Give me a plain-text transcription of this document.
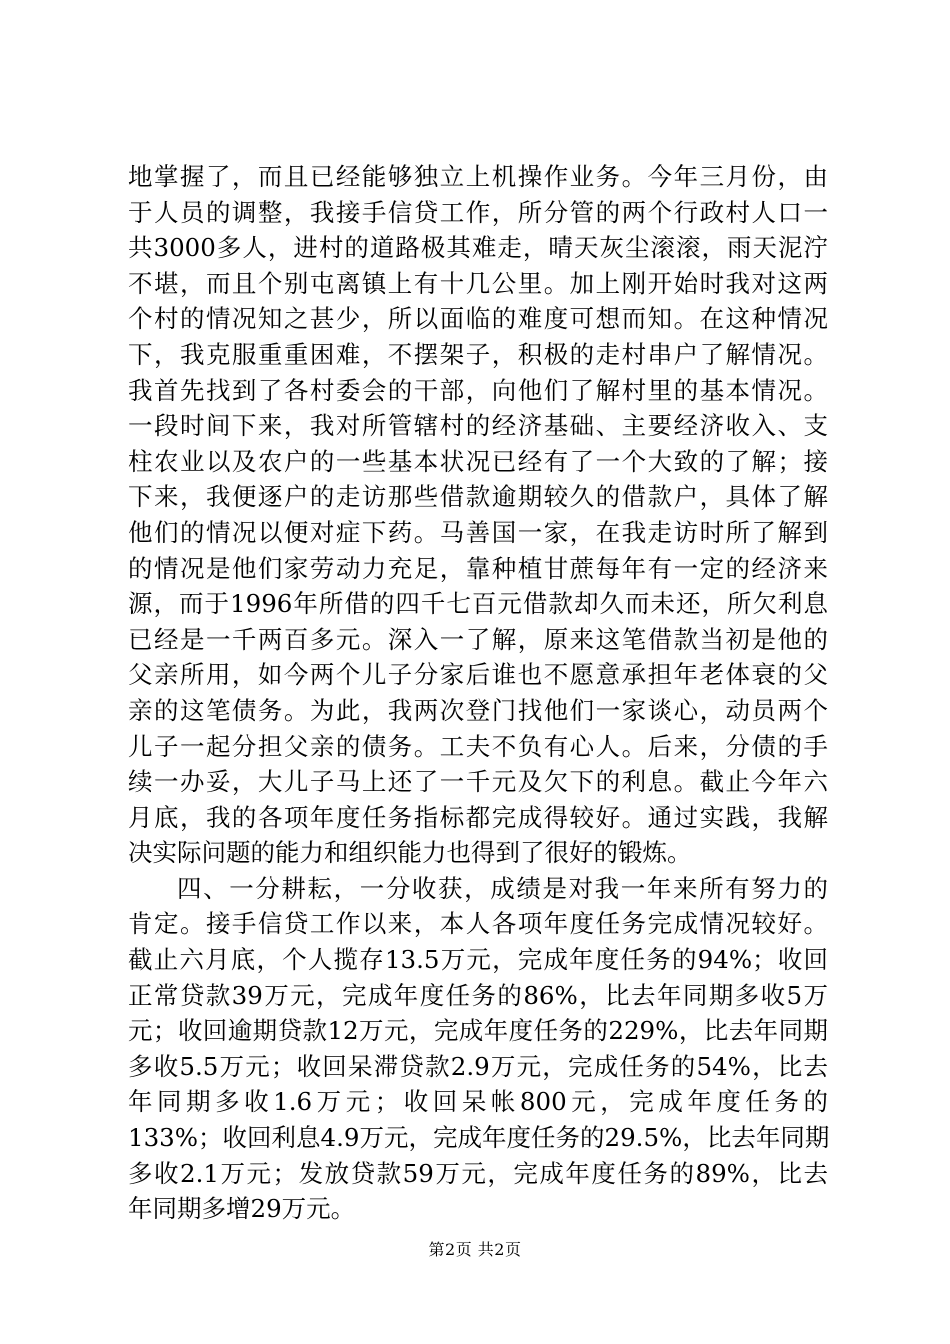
地掌握了，而且已经能够独立上机操作业务。今年三月份，由
于人员的调整，我接手信贷工作，所分管的两个行政村人口一
共3000多人，进村的道路极其难走，晴天灰尘滚滚，雨天泥泞
不堪，而且个别屯离镇上有十几公里。加上刚开始时我对这两
个村的情况知之甚少，所以面临的难度可想而知。在这种情况
下，我克服重重困难，不摆架子，积极的走村串户了解情况。
我首先找到了各村委会的干部，向他们了解村里的基本情况。
一段时间下来，我对所管辖村的经济基础、主要经济收入、支
柱农业以及农户的一些基本状况已经有了一个大致的了解；接
下来，我便逐户的走访那些借款逾期较久的借款户，具体了解
他们的情况以便对症下药。马善国一家，在我走访时所了解到
的情况是他们家劳动力充足，靠种植甘蔗每年有一定的经济来
源，而于1996年所借的四千七百元借款却久而未还，所欠利息
已经是一千两百多元。深入一了解，原来这笔借款当初是他的
父亲所用，如今两个儿子分家后谁也不愿意承担年老体衰的父
亲的这笔债务。为此，我两次登门找他们一家谈心，动员两个
儿子一起分担父亲的债务。工夫不负有心人。后来，分债的手
续一办妥，大儿子马上还了一千元及欠下的利息。截止今年六
月底，我的各项年度任务指标都完成得较好。通过实践，我解
决实际问题的能力和组织能力也得到了很好的锻炼。
四、一分耕耘，一分收获，成绩是对我一年来所有努力的
肯定。接手信贷工作以来，本人各项年度任务完成情况较好。
截止六月底，个人揽存13.5万元，完成年度任务的94%；收回
正常贷款39万元，完成年度任务的86%，比去年同期多收5万
元；收回逾期贷款12万元，完成年度任务的229%，比去年同期
多收5.5万元；收回呆滞贷款2.9万元，完成任务的54%，比去
年同期多收1.6万元；收回呆帐800元，完成年度任务的
133%；收回利息4.9万元，完成年度任务的29.5%，比去年同期
多收2.1万元；发放贷款59万元，完成年度任务的89%，比去
年同期多增29万元。
第2页 共2页
